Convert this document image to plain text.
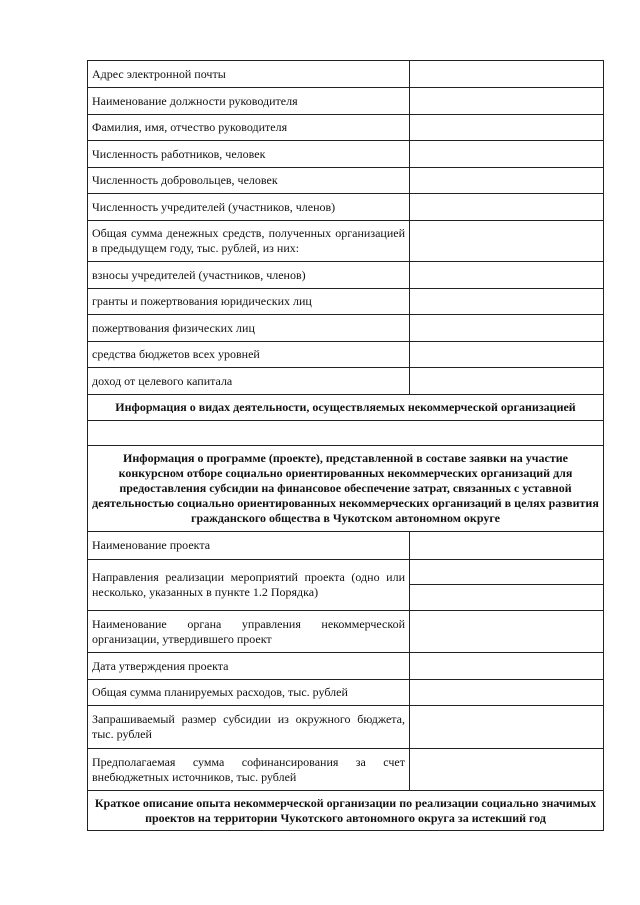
Адрес электронной почты	
Наименование должности руководителя	
Фамилия, имя, отчество руководителя	
Численность работников, человек	
Численность добровольцев, человек	
Численность учредителей (участников, членов)	
Общая сумма денежных средств, полученных организацией в предыдущем году, тыс. рублей, из них:	
взносы учредителей (участников, членов)	
гранты и пожертвования юридических лиц	
пожертвования физических лиц	
средства бюджетов всех уровней	
доход от целевого капитала	
Информация о видах деятельности, осуществляемых некоммерческой организацией	

Информация о программе (проекте), представленной в составе заявки на участие конкурсном отборе социально ориентированных некоммерческих организаций для предоставления субсидии на финансовое обеспечение затрат, связанных с уставной деятельностью социально ориентированных некоммерческих организаций в целях развития гражданского общества в Чукотском автономном округе	
Наименование проекта	
Направления реализации мероприятий проекта (одно или несколько, указанных в пункте 1.2 Порядка)	

Наименование органа управления некоммерческой организации, утвердившего проект	
Дата утверждения проекта	
Общая сумма планируемых расходов, тыс. рублей	
Запрашиваемый размер субсидии из окружного бюджета, тыс. рублей	
Предполагаемая сумма софинансирования за счет внебюджетных источников, тыс. рублей	
Краткое описание опыта некоммерческой организации по реализации социально значимых проектов на территории Чукотского автономного округа за истекший год	
